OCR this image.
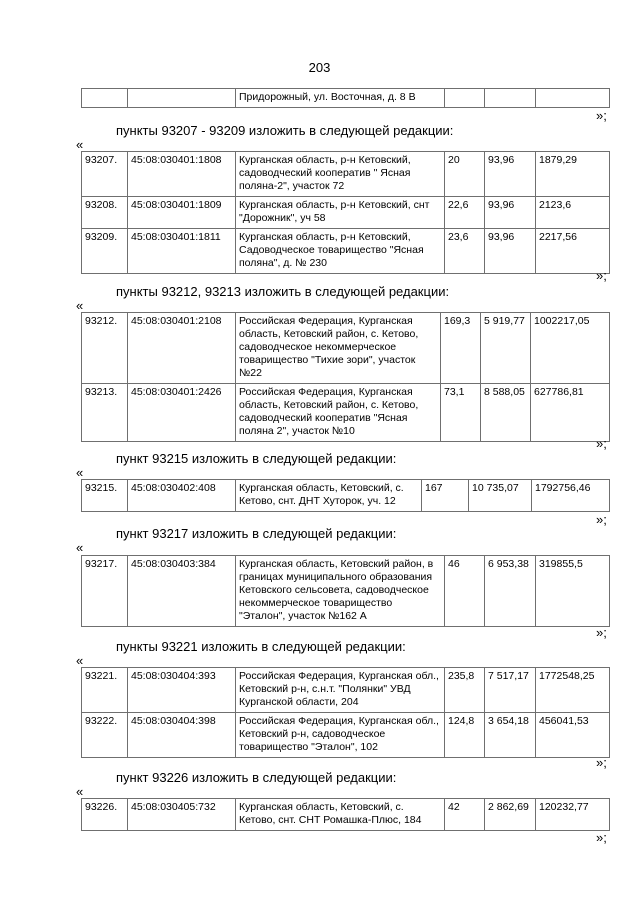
203
		Придорожный, ул. Восточная, д. 8 В			
»;
пункты 93207 - 93209 изложить в следующей редакции:
«
93207.	45:08:030401:1808	Курганская область, р-н Кетовский, садоводческий кооператив " Ясная поляна-2", участок 72	20	93,96	1879,29
93208.	45:08:030401:1809	Курганская область, р-н Кетовский, снт "Дорожник", уч 58	22,6	93,96	2123,6
93209.	45:08:030401:1811	Курганская область, р-н Кетовский, Садоводческое товарищество "Ясная поляна", д. № 230	23,6	93,96	2217,56
»;
пункты 93212, 93213 изложить в следующей редакции:
«
93212.	45:08:030401:2108	Российская Федерация, Курганская область, Кетовский район, с. Кетово, садоводческое некоммерческое товарищество "Тихие зори", участок №22	169,3	5 919,77	1002217,05
93213.	45:08:030401:2426	Российская Федерация, Курганская область, Кетовский район, с. Кетово, садоводческий кооператив "Ясная поляна 2", участок №10	73,1	8 588,05	627786,81
»;
пункт 93215 изложить в следующей редакции:
«
93215.	45:08:030402:408	Курганская область, Кетовский, с. Кетово, снт. ДНТ Хуторок, уч. 12	167	10 735,07	1792756,46
»;
пункт 93217 изложить в следующей редакции:
«
93217.	45:08:030403:384	Курганская область, Кетовский район, в границах муниципального образования Кетовского сельсовета, садоводческое некоммерческое товарищество "Эталон", участок №162 А	46	6 953,38	319855,5
»;
пункты 93221 изложить в следующей редакции:
«
93221.	45:08:030404:393	Российская Федерация, Курганская обл., Кетовский р-н, с.н.т. "Полянки" УВД Курганской области, 204	235,8	7 517,17	1772548,25
93222.	45:08:030404:398	Российская Федерация, Курганская обл., Кетовский р-н, садоводческое товарищество "Эталон", 102	124,8	3 654,18	456041,53
»;
пункт 93226 изложить в следующей редакции:
«
93226.	45:08:030405:732	Курганская область, Кетовский, с. Кетово, снт. СНТ Ромашка-Плюс, 184	42	2 862,69	120232,77
»;
